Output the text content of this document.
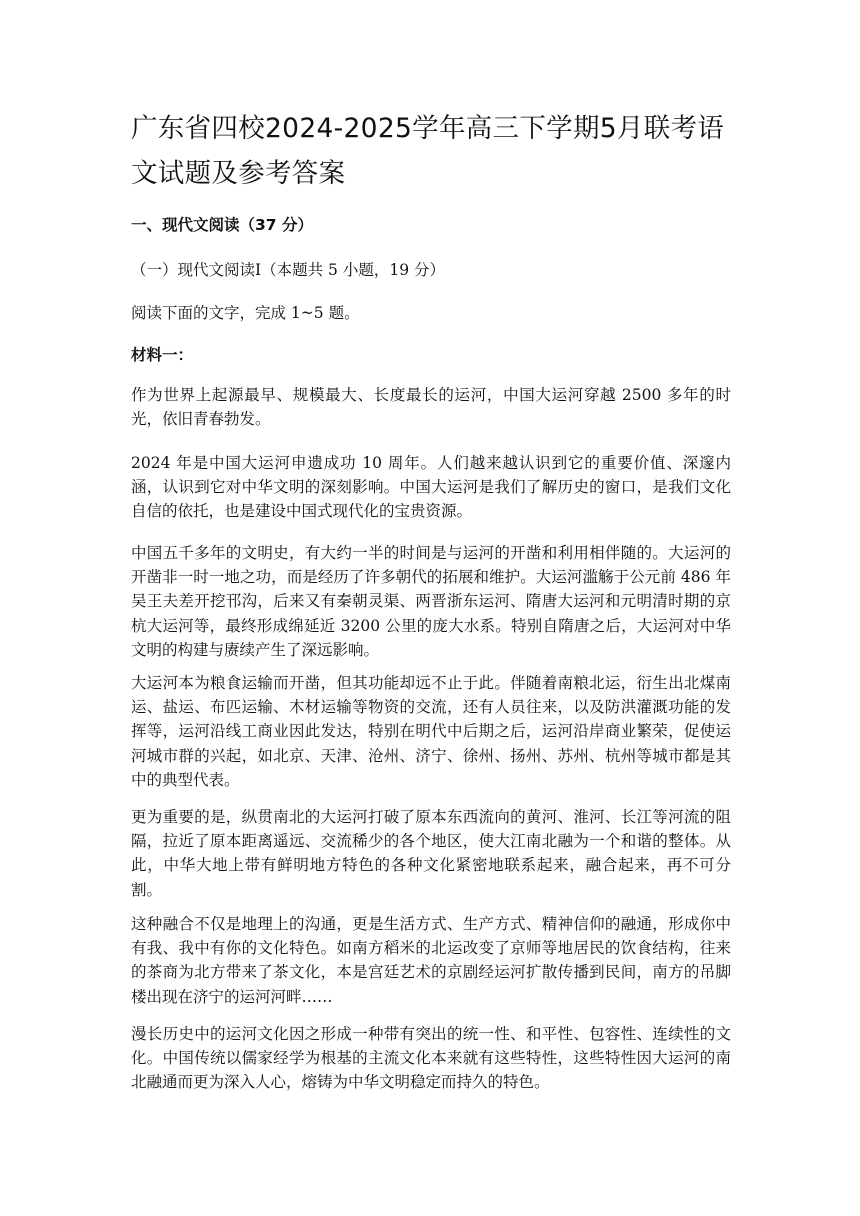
广东省四校2024-2025学年高三下学期5月联考语文试题及参考答案

一、现代文阅读（37 分）

（一）现代文阅读Ⅰ（本题共 5 小题，19 分）

阅读下面的文字，完成 1~5 题。

材料一：

作为世界上起源最早、规模最大、长度最长的运河，中国大运河穿越 2500 多年的时光，依旧青春勃发。

2024 年是中国大运河申遗成功 10 周年。人们越来越认识到它的重要价值、深邃内涵，认识到它对中华文明的深刻影响。中国大运河是我们了解历史的窗口，是我们文化自信的依托，也是建设中国式现代化的宝贵资源。

中国五千多年的文明史，有大约一半的时间是与运河的开凿和利用相伴随的。大运河的开凿非一时一地之功，而是经历了许多朝代的拓展和维护。大运河滥觞于公元前 486 年吴王夫差开挖邗沟，后来又有秦朝灵渠、两晋浙东运河、隋唐大运河和元明清时期的京杭大运河等，最终形成绵延近 3200 公里的庞大水系。特别自隋唐之后，大运河对中华文明的构建与赓续产生了深远影响。

大运河本为粮食运输而开凿，但其功能却远不止于此。伴随着南粮北运，衍生出北煤南运、盐运、布匹运输、木材运输等物资的交流，还有人员往来，以及防洪灌溉功能的发挥等，运河沿线工商业因此发达，特别在明代中后期之后，运河沿岸商业繁荣，促使运河城市群的兴起，如北京、天津、沧州、济宁、徐州、扬州、苏州、杭州等城市都是其中的典型代表。

更为重要的是，纵贯南北的大运河打破了原本东西流向的黄河、淮河、长江等河流的阻隔，拉近了原本距离遥远、交流稀少的各个地区，使大江南北融为一个和谐的整体。从此，中华大地上带有鲜明地方特色的各种文化紧密地联系起来，融合起来，再不可分割。

这种融合不仅是地理上的沟通，更是生活方式、生产方式、精神信仰的融通，形成你中有我、我中有你的文化特色。如南方稻米的北运改变了京师等地居民的饮食结构，往来的茶商为北方带来了茶文化，本是宫廷艺术的京剧经运河扩散传播到民间，南方的吊脚楼出现在济宁的运河河畔……

漫长历史中的运河文化因之形成一种带有突出的统一性、和平性、包容性、连续性的文化。中国传统以儒家经学为根基的主流文化本来就有这些特性，这些特性因大运河的南北融通而更为深入人心，熔铸为中华文明稳定而持久的特色。
